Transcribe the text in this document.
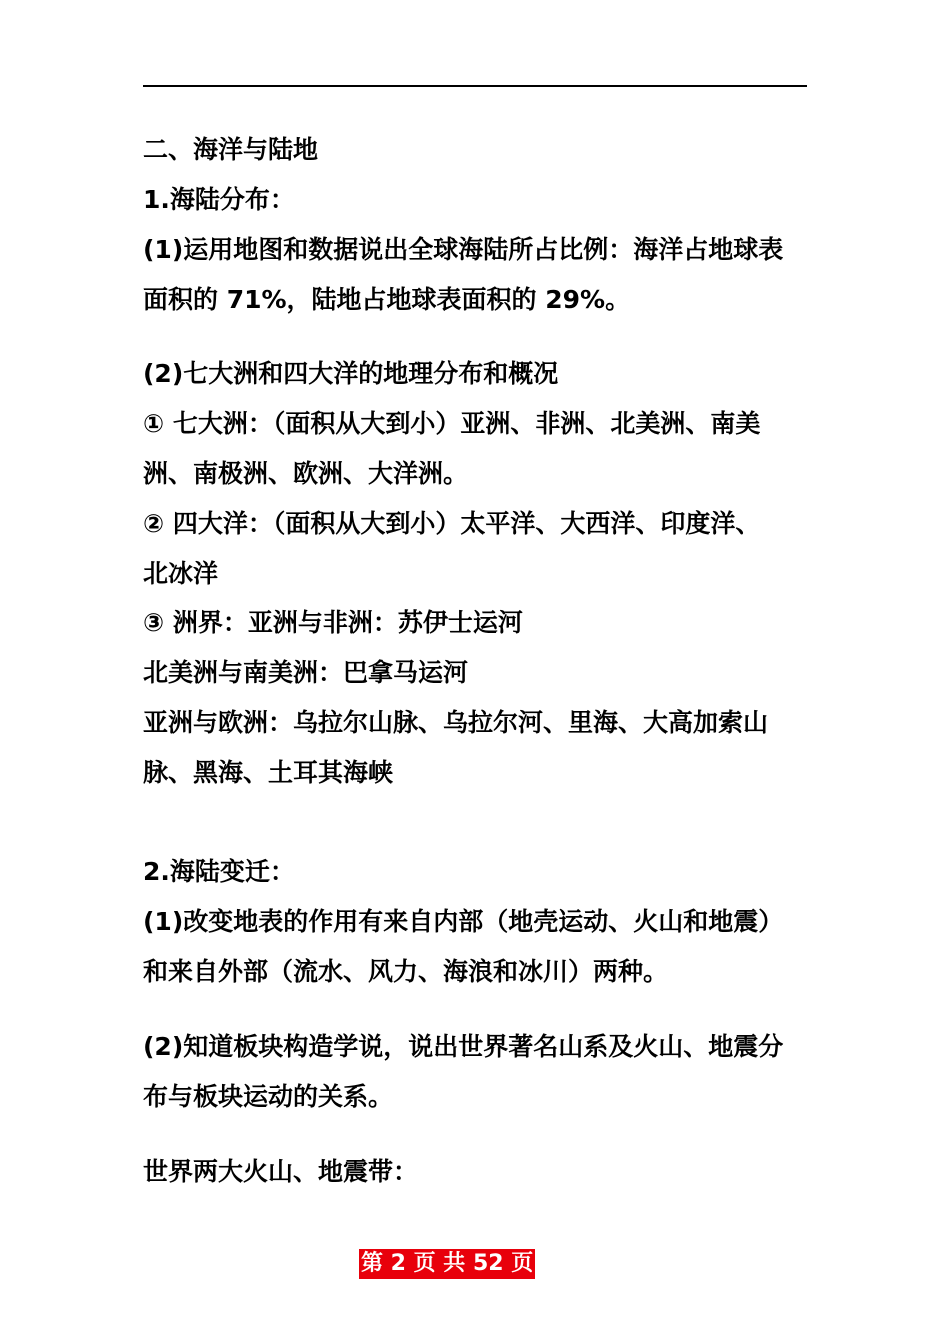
二、海洋与陆地
1.海陆分布：
(1)运用地图和数据说出全球海陆所占比例：海洋占地球表
面积的 71%，陆地占地球表面积的 29%。
(2)七大洲和四大洋的地理分布和概况
① 七大洲：（面积从大到小）亚洲、非洲、北美洲、南美
洲、南极洲、欧洲、大洋洲。
② 四大洋：（面积从大到小）太平洋、大西洋、印度洋、
北冰洋
③ 洲界：亚洲与非洲：苏伊士运河
北美洲与南美洲：巴拿马运河
亚洲与欧洲：乌拉尔山脉、乌拉尔河、里海、大高加索山
脉、黑海、土耳其海峡
2.海陆变迁：
(1)改变地表的作用有来自内部（地壳运动、火山和地震）
和来自外部（流水、风力、海浪和冰川）两种。
(2)知道板块构造学说，说出世界著名山系及火山、地震分
布与板块运动的关系。
世界两大火山、地震带：
第 2 页 共 52 页
